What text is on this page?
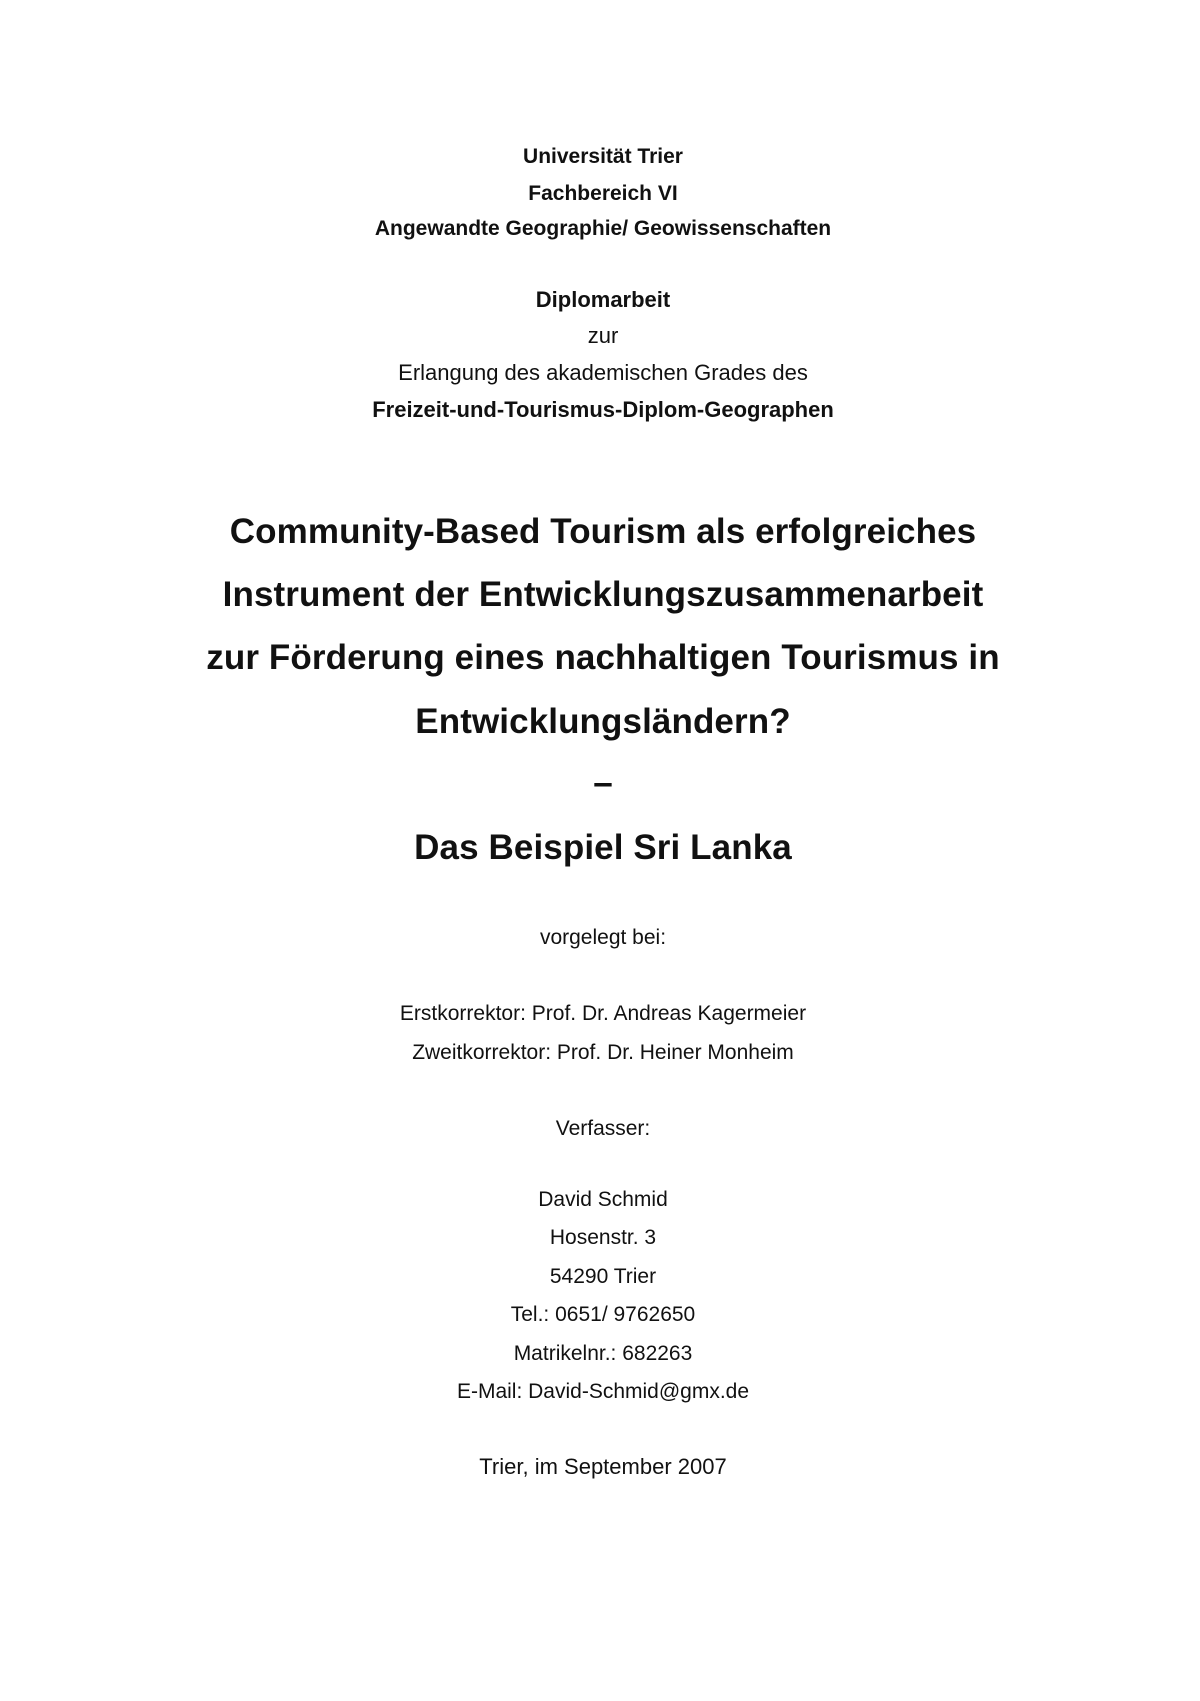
Universität Trier
Fachbereich VI
Angewandte Geographie/ Geowissenschaften
Diplomarbeit
zur
Erlangung des akademischen Grades des
Freizeit-und-Tourismus-Diplom-Geographen
Community-Based Tourism als erfolgreiches
Instrument der Entwicklungszusammenarbeit
zur Förderung eines nachhaltigen Tourismus in
Entwicklungsländern?
–
Das Beispiel Sri Lanka
vorgelegt bei:
Erstkorrektor: Prof. Dr. Andreas Kagermeier
Zweitkorrektor: Prof. Dr. Heiner Monheim
Verfasser:
David Schmid
Hosenstr. 3
54290 Trier
Tel.: 0651/ 9762650
Matrikelnr.: 682263
E-Mail: David-Schmid@gmx.de
Trier, im September 2007
